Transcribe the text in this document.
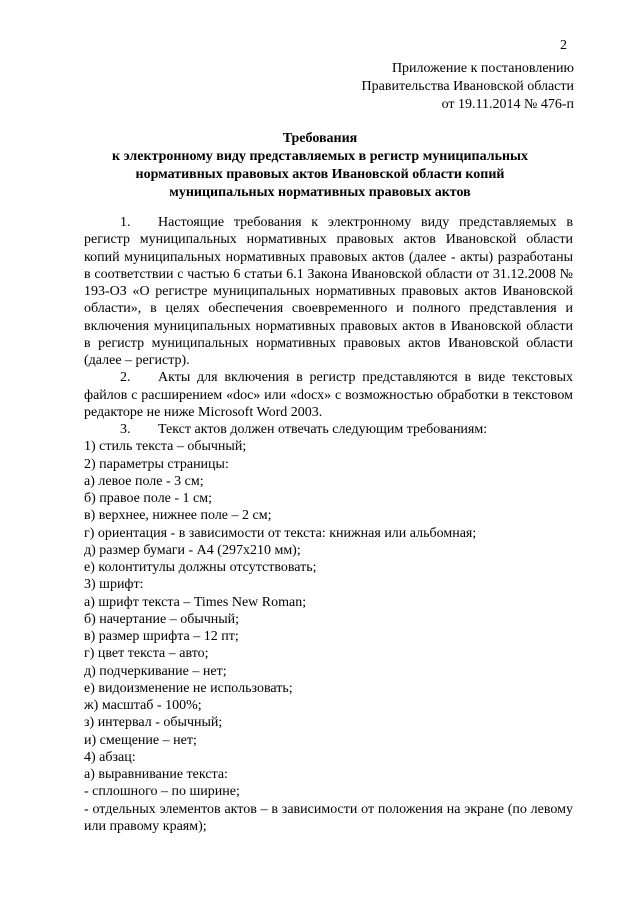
2
Приложение к постановлению
Правительства Ивановской области
от 19.11.2014 № 476-п
Требования
к электронному виду представляемых в регистр муниципальных
нормативных правовых актов Ивановской области копий
муниципальных нормативных правовых актов
1. Настоящие требования к электронному виду представляемых в регистр муниципальных нормативных правовых актов Ивановской области копий муниципальных нормативных правовых актов (далее - акты) разработаны в соответствии с частью 6 статьи 6.1 Закона Ивановской области от 31.12.2008 № 193-ОЗ «О регистре муниципальных нормативных правовых актов Ивановской области», в целях обеспечения своевременного и полного представления и включения муниципальных нормативных правовых актов в Ивановской области в регистр муниципальных нормативных правовых актов Ивановской области (далее – регистр).
2. Акты для включения в регистр представляются в виде текстовых файлов с расширением «doc» или «docx» с возможностью обработки в текстовом редакторе не ниже Microsoft Word 2003.
3. Текст актов должен отвечать следующим требованиям:
1) стиль текста – обычный;
2) параметры страницы:
а) левое поле - 3 см;
б) правое поле - 1 см;
в) верхнее, нижнее поле – 2 см;
г) ориентация - в зависимости от текста: книжная или альбомная;
д) размер бумаги - А4 (297х210 мм);
е) колонтитулы должны отсутствовать;
3) шрифт:
а) шрифт текста – Times New Roman;
б) начертание – обычный;
в) размер шрифта – 12 пт;
г) цвет текста – авто;
д) подчеркивание – нет;
е) видоизменение не использовать;
ж) масштаб - 100%;
з) интервал - обычный;
и) смещение – нет;
4) абзац:
а) выравнивание текста:
- сплошного – по ширине;
- отдельных элементов актов – в зависимости от положения на экране (по левому или правому краям);
